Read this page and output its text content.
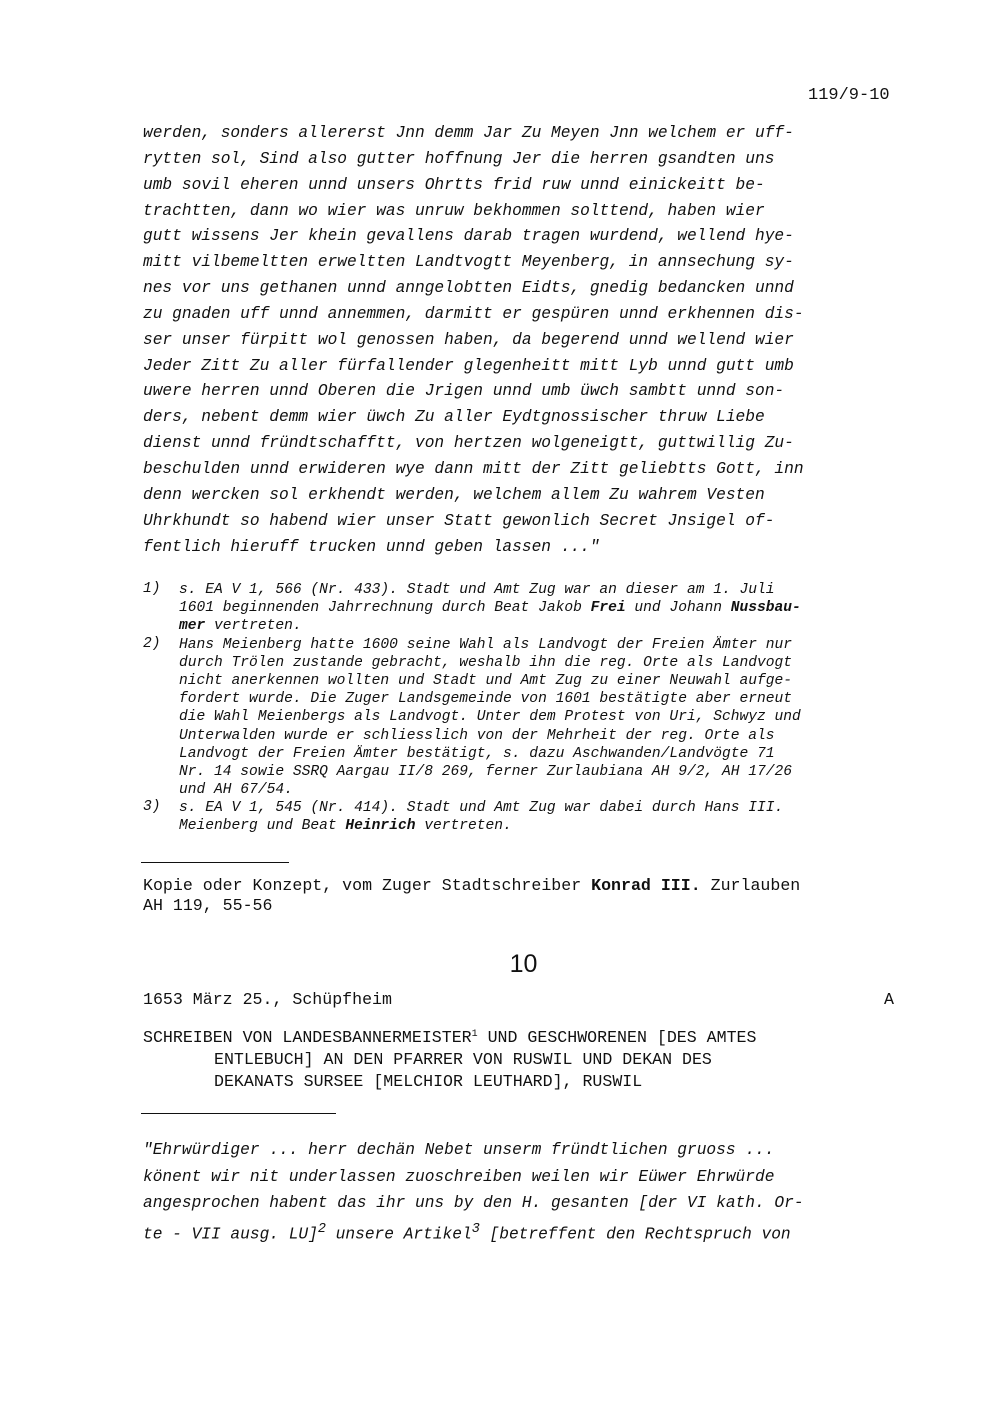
119/9-10
werden, sonders allererst Jnn demm Jar Zu Meyen Jnn welchem er uff-
rytten sol, Sind also gutter hoffnung Jer die herren gsandten uns
umb sovil eheren unnd unsers Ohrtts frid ruw unnd einickeitt be-
trachtten, dann wo wier was unruw bekhommen solttend, haben wier
gutt wissens Jer khein gevallens darab tragen wurdend, wellend hye-
mitt vilbemeltten erweltten Landtvogtt Meyenberg, in annsechung sy-
nes vor uns gethanen unnd anngelobtten Eidts, gnedig bedancken unnd
zu gnaden uff unnd annemmen, darmitt er gespüren unnd erkhennen dis-
ser unser fürpitt wol genossen haben, da begerend unnd wellend wier
Jeder Zitt Zu aller fürfallender glegenheitt mitt Lyb unnd gutt umb
uwere herren unnd Oberen die Jrigen unnd umb üwch sambtt unnd son-
ders, nebent demm wier üwch Zu aller Eydtgnossischer thruw Liebe
dienst unnd fründtschafftt, von hertzen wolgeneigtt, guttwillig Zu-
beschulden unnd erwideren wye dann mitt der Zitt geliebtts Gott, inn
denn wercken sol erkhendt werden, welchem allem Zu wahrem Vesten
Uhrkhundt so habend wier unser Statt gewonlich Secret Jnsigel of-
fentlich hieruff trucken unnd geben lassen ..."
1)	s. EA V 1, 566 (Nr. 433). Stadt und Amt Zug war an dieser am 1. Juli
1601 beginnenden Jahrrechnung durch Beat Jakob Frei und Johann Nussbau-
mer vertreten.
2)	Hans Meienberg hatte 1600 seine Wahl als Landvogt der Freien Ämter nur
durch Trölen zustande gebracht, weshalb ihn die reg. Orte als Landvogt
nicht anerkennen wollten und Stadt und Amt Zug zu einer Neuwahl aufge-
fordert wurde. Die Zuger Landsgemeinde von 1601 bestätigte aber erneut
die Wahl Meienbergs als Landvogt. Unter dem Protest von Uri, Schwyz und
Unterwalden wurde er schliesslich von der Mehrheit der reg. Orte als
Landvogt der Freien Ämter bestätigt, s. dazu Aschwanden/Landvögte 71
Nr. 14 sowie SSRQ Aargau II/8 269, ferner Zurlaubiana AH 9/2, AH 17/26
und AH 67/54.
3)	s. EA V 1, 545 (Nr. 414). Stadt und Amt Zug war dabei durch Hans III.
Meienberg und Beat Heinrich vertreten.
Kopie oder Konzept, vom Zuger Stadtschreiber Konrad III. Zurlauben
AH 119, 55-56
10
1653 März 25., Schüpfheim	A
SCHREIBEN VON LANDESBANNERMEISTER$^1$ UND GESCHWORENEN [DES AMTES
ENTLEBUCH] AN DEN PFARRER VON RUSWIL UND DEKAN DES
DEKANATS SURSEE [MELCHIOR LEUTHARD], RUSWIL
"Ehrwürdiger ... herr dechän Nebet unserm fründtlichen gruoss ...
könent wir nit underlassen zuoschreiben weilen wir Eüwer Ehrwürde
angesprochen habent das ihr uns by den H. gesanten [der VI kath. Or-
te - VII ausg. LU]$^2$ unsere Artikel$^3$ [betreffent den Rechtspruch von
